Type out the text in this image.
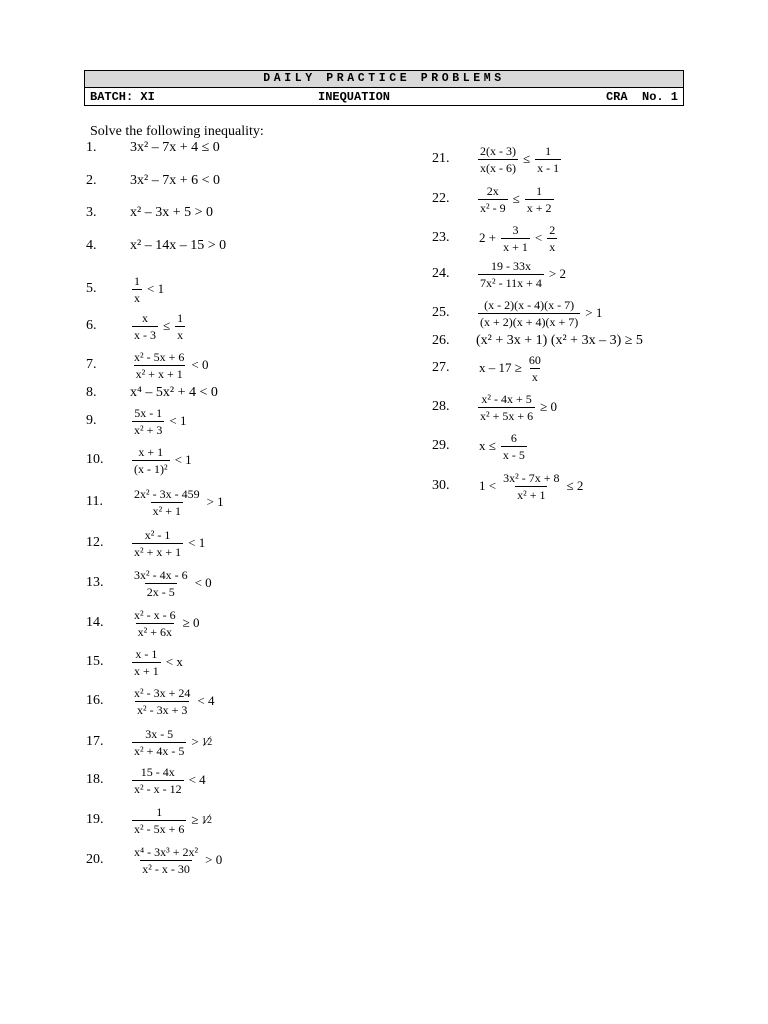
DAILY PRACTICE PROBLEMS
BATCH: XI	INEQUATION	CRA  No. 1
Solve the following inequality:
1.	3x² – 7x + 4 ≤ 0
2.	3x² – 7x + 6 < 0
3.	x² – 3x + 5 > 0
4.	x² – 14x – 15 > 0
5.	$\frac{1}{x} < 1$
6.	$\frac{x}{x - 3} \le \frac{1}{x}$
7.	$\frac{\text{x² - 5x + 6}}{\text{x² + x + 1}} < 0$
8.	x⁴ – 5x² + 4 < 0
9.	$\frac{5x - 1}{\text{x² + 3}} < 1$
10.	$\frac{x + 1}{\text{(x - 1)²}} < 1$
11.	$\frac{\text{2x² - 3x - 459}}{\text{x² + 1}} > 1$
12.	$\frac{\text{x² - 1}}{\text{x² + x + 1}} < 1$
13.	$\frac{\text{3x² - 4x - 6}}{2x - 5} < 0$
14.	$\frac{\text{x² - x - 6}}{\text{x² + 6x}} \ge 0$
15.	$\frac{x - 1}{x + 1} < x$
16.	$\frac{\text{x² - 3x + 24}}{\text{x² - 3x + 3}} < 4$
17.	$\frac{3x - 5}{\text{x² + 4x - 5}} > 1$ ⁄ 2
18.	$\frac{15 - 4x}{\text{x² - x - 12}} < 4$
19.	$\frac{1}{\text{x² - 5x + 6}} \ge 1$ ⁄ 2
20.	$\frac{\text{x⁴ - 3x³ + 2x²}}{\text{x² - x - 30}} > 0$
21.	$\frac{2(x - 3)}{x(x - 6)} \le \frac{1}{x - 1}$
22.	$\frac{2x}{\text{x² - 9}} \le \frac{1}{x + 2}$
23.	$2 + \frac{3}{x + 1} < \frac{2}{x}$
24.	$\frac{19 - 33x}{\text{7x² - 11x + 4}} > 2$
25.	$\frac{(x - 2)(x - 4)(x - 7)}{(x + 2)(x + 4)(x + 7)} > 1$
26.	(x² + 3x + 1) (x² + 3x – 3) ≥ 5
27.	$x - 17 \ge \frac{60}{x}$
28.	$\frac{\text{x² - 4x + 5}}{\text{x² + 5x + 6}} \ge 0$
29.	$x \le \frac{6}{x - 5}$
30.	$1 < \frac{\text{3x² - 7x + 8}}{\text{x² + 1}} \le 2$
